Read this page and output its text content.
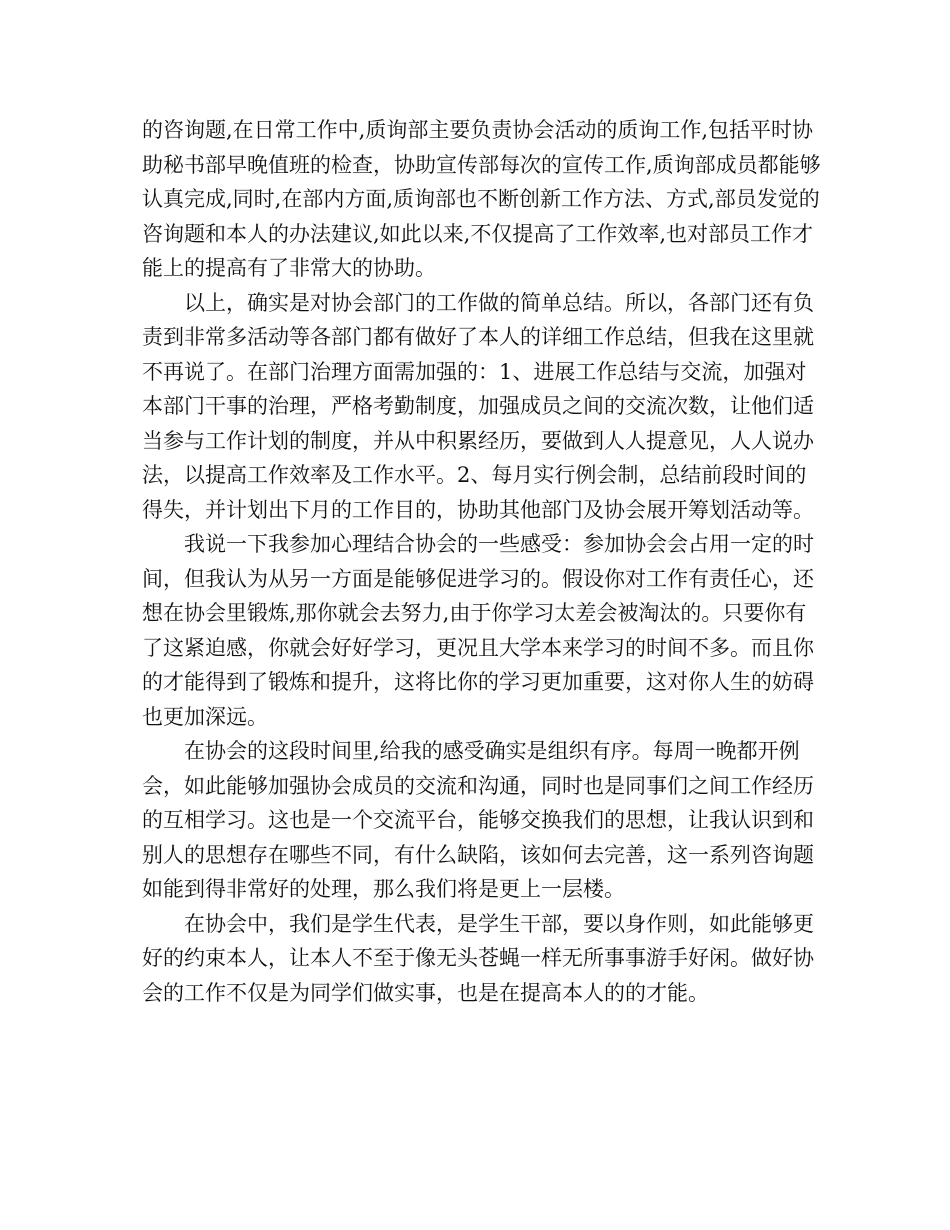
的咨询题,在日常工作中,质询部主要负责协会活动的质询工作,包括平时协助秘书部早晚值班的检查，协助宣传部每次的宣传工作,质询部成员都能够认真完成,同时,在部内方面,质询部也不断创新工作方法、方式,部员发觉的咨询题和本人的办法建议,如此以来,不仅提高了工作效率,也对部员工作才能上的提高有了非常大的协助。

以上，确实是对协会部门的工作做的简单总结。所以，各部门还有负责到非常多活动等各部门都有做好了本人的详细工作总结，但我在这里就不再说了。在部门治理方面需加强的：1、进展工作总结与交流，加强对本部门干事的治理，严格考勤制度，加强成员之间的交流次数，让他们适当参与工作计划的制度，并从中积累经历，要做到人人提意见，人人说办法，以提高工作效率及工作水平。2、每月实行例会制，总结前段时间的得失，并计划出下月的工作目的，协助其他部门及协会展开筹划活动等。

我说一下我参加心理结合协会的一些感受：参加协会会占用一定的时间，但我认为从另一方面是能够促进学习的。假设你对工作有责任心，还想在协会里锻炼,那你就会去努力,由于你学习太差会被淘汰的。只要你有了这紧迫感，你就会好好学习，更况且大学本来学习的时间不多。而且你的才能得到了锻炼和提升，这将比你的学习更加重要，这对你人生的妨碍也更加深远。

在协会的这段时间里,给我的感受确实是组织有序。每周一晚都开例会，如此能够加强协会成员的交流和沟通，同时也是同事们之间工作经历的互相学习。这也是一个交流平台，能够交换我们的思想，让我认识到和别人的思想存在哪些不同，有什么缺陷，该如何去完善，这一系列咨询题如能到得非常好的处理，那么我们将是更上一层楼。

在协会中，我们是学生代表，是学生干部，要以身作则，如此能够更好的约束本人，让本人不至于像无头苍蝇一样无所事事游手好闲。做好协会的工作不仅是为同学们做实事，也是在提高本人的的才能。
